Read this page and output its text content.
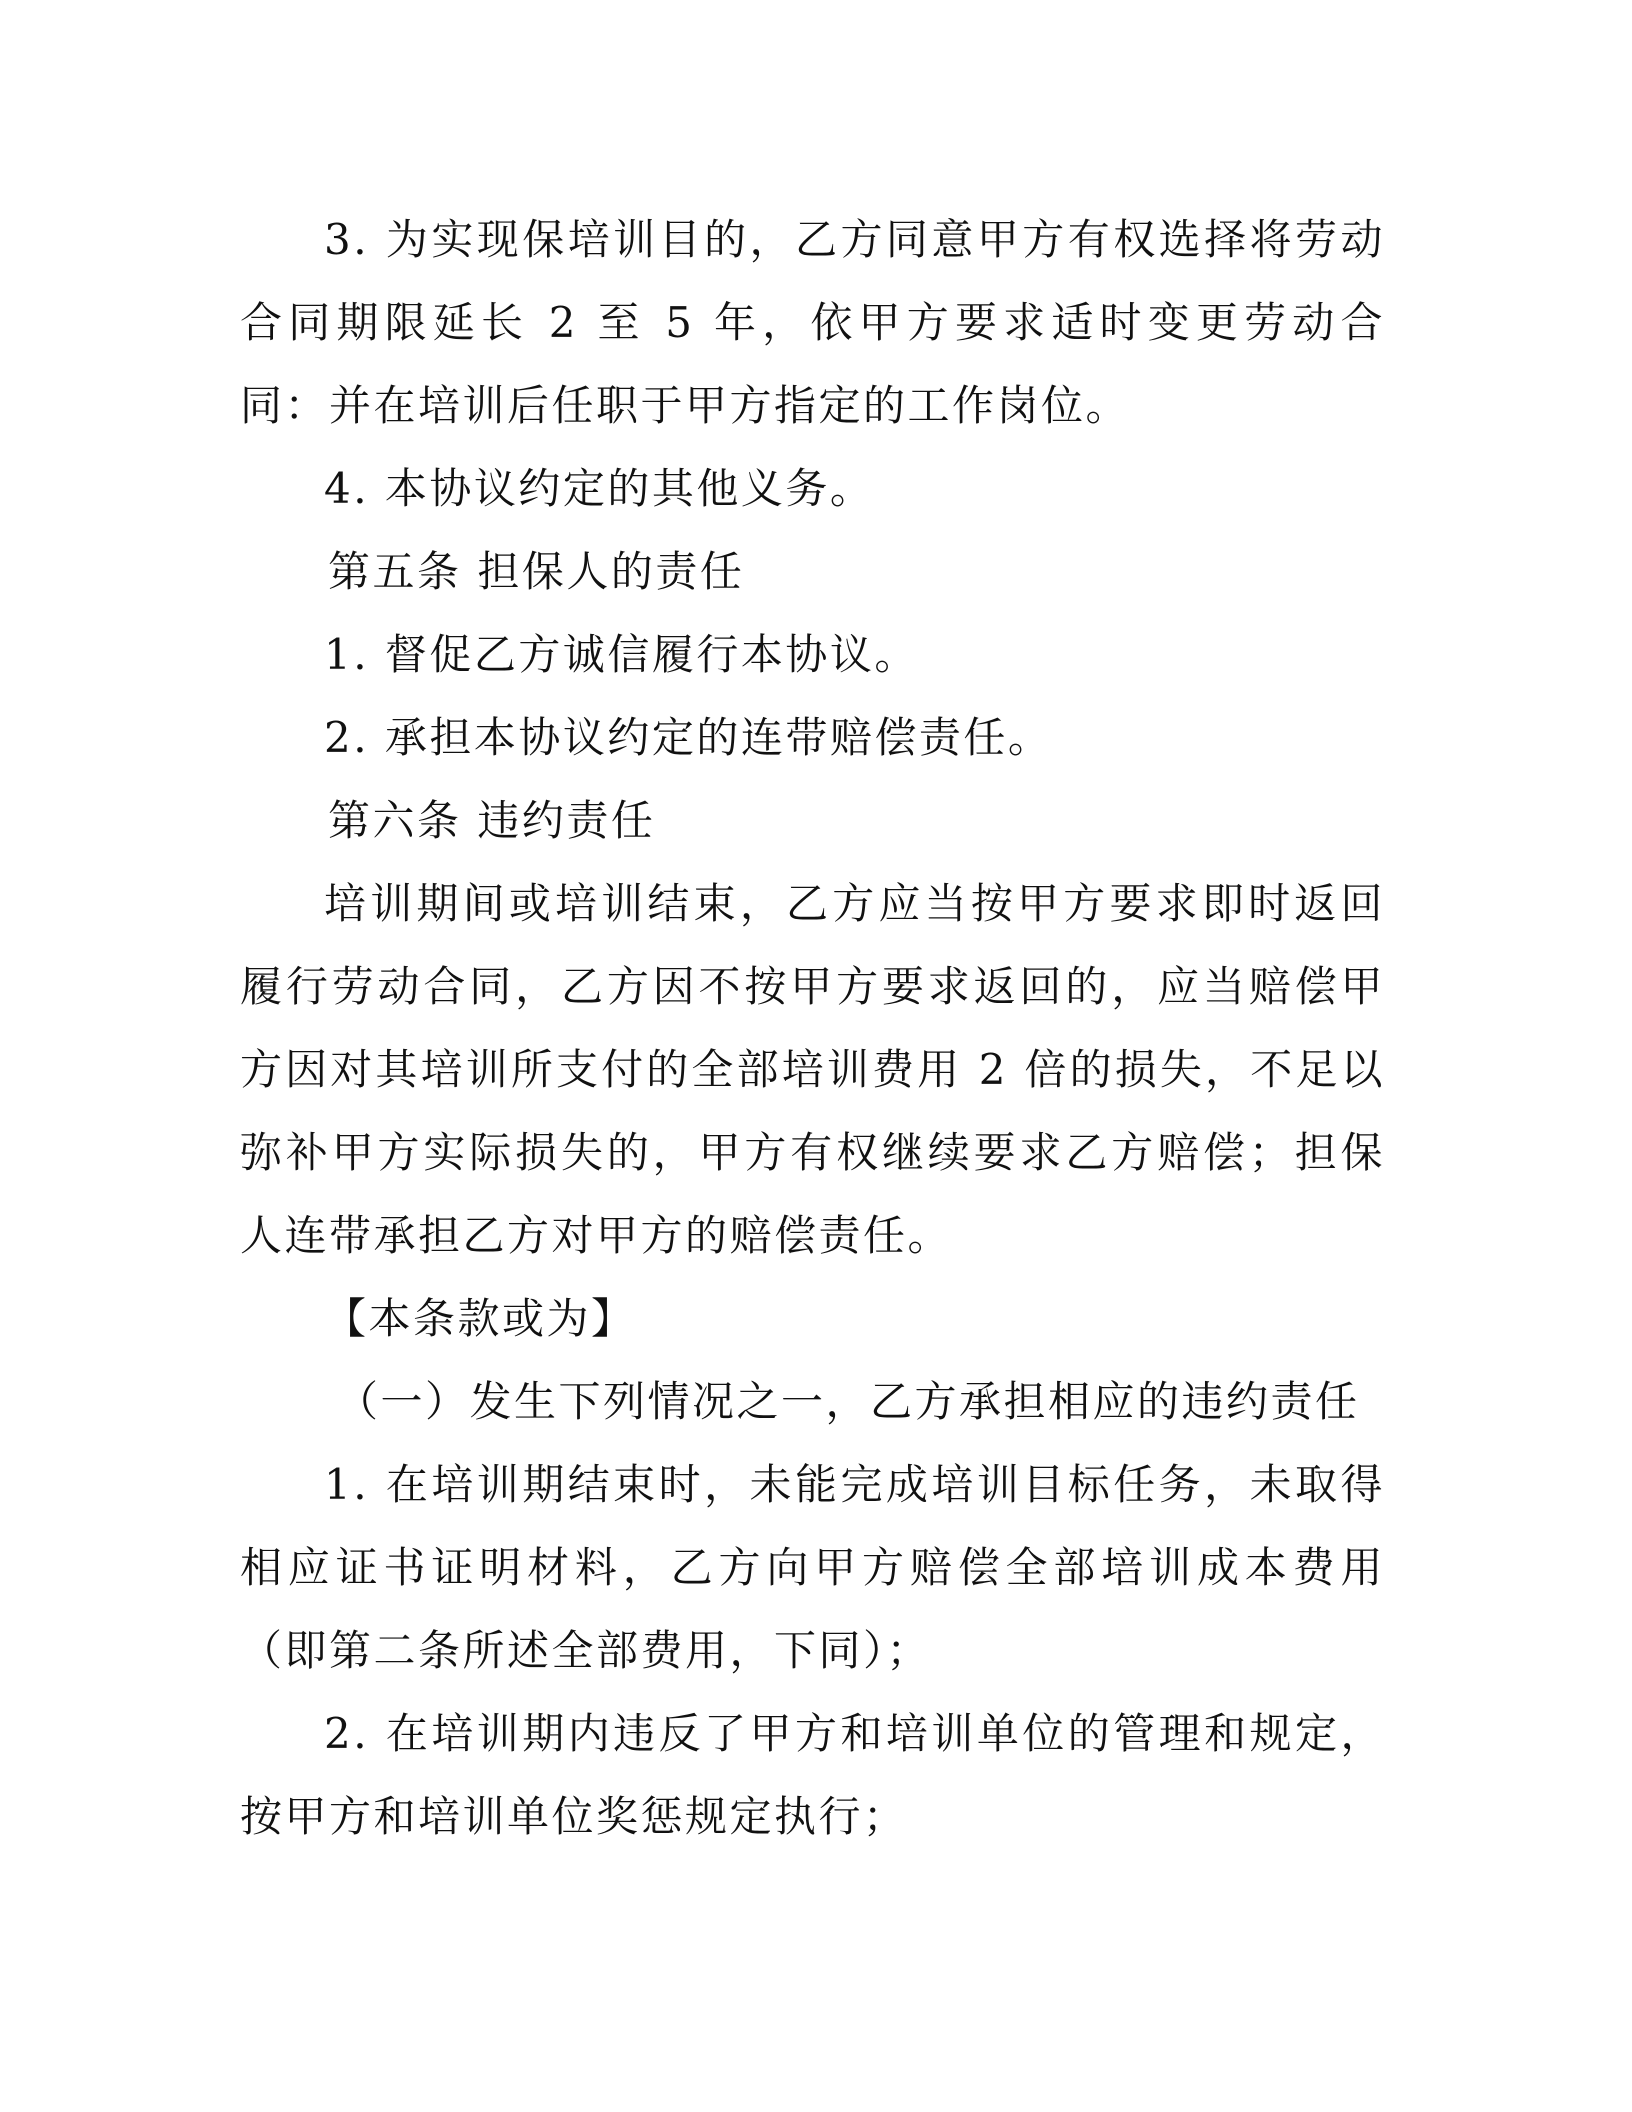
3. 为实现保培训目的，乙方同意甲方有权选择将劳动合同期限延长 2 至 5 年，依甲方要求适时变更劳动合同：并在培训后任职于甲方指定的工作岗位。

4. 本协议约定的其他义务。

第五条 担保人的责任

1. 督促乙方诚信履行本协议。

2. 承担本协议约定的连带赔偿责任。

第六条 违约责任

培训期间或培训结束，乙方应当按甲方要求即时返回履行劳动合同，乙方因不按甲方要求返回的，应当赔偿甲方因对其培训所支付的全部培训费用 2 倍的损失，不足以弥补甲方实际损失的，甲方有权继续要求乙方赔偿；担保人连带承担乙方对甲方的赔偿责任。

【本条款或为】

（一）发生下列情况之一，乙方承担相应的违约责任

1. 在培训期结束时，未能完成培训目标任务，未取得相应证书证明材料，乙方向甲方赔偿全部培训成本费用（即第二条所述全部费用，下同）；

2. 在培训期内违反了甲方和培训单位的管理和规定，按甲方和培训单位奖惩规定执行；
